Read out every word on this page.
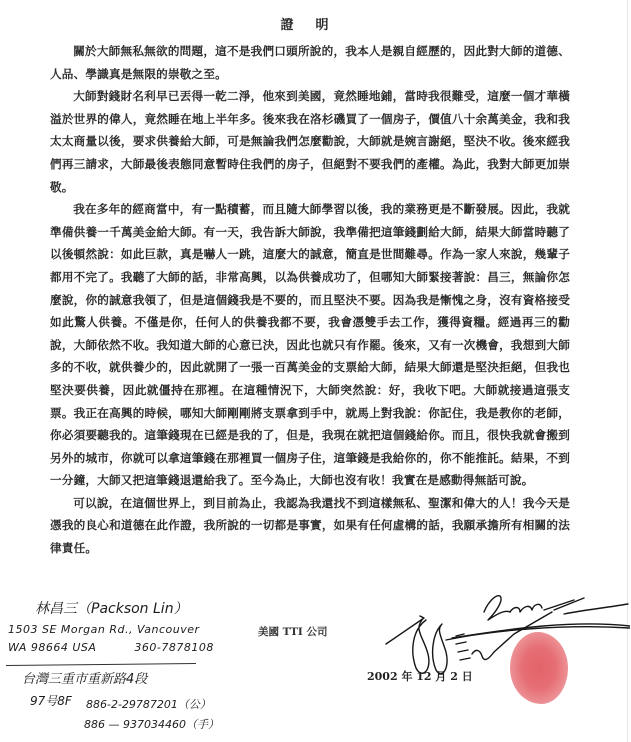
證明

關於大師無私無欲的問題，這不是我們口頭所說的，我本人是親自經歷的，因此對大師的道德、人品、學識真是無限的崇敬之至。

大師對錢財名利早已丟得一乾二淨，他來到美國，竟然睡地鋪，當時我很難受，這麼一個才華橫溢於世界的偉人，竟然睡在地上半年多。後來我在洛杉磯買了一個房子，價值八十余萬美金，我和我太太商量以後，要求供養給大師，可是無論我們怎麼勸說，大師就是婉言謝絕，堅決不收。後來經我們再三請求，大師最後表態同意暫時住我們的房子，但絕對不要我們的產權。為此，我對大師更加崇敬。

我在多年的經商當中，有一點積蓄，而且隨大師學習以後，我的業務更是不斷發展。因此，我就準備供養一千萬美金給大師。有一天，我告訴大師說，我準備把這筆錢劃給大師，結果大師當時聽了以後頓然說：如此巨款，真是嚇人一跳，這麼大的誠意，簡直是世間難尋。作為一家人來說，幾輩子都用不完了。我聽了大師的話，非常高興，以為供養成功了，但哪知大師緊接著說：昌三，無論你怎麼說，你的誠意我領了，但是這個錢我是不要的，而且堅決不要。因為我是慚愧之身，沒有資格接受如此驚人供養。不僅是你，任何人的供養我都不要，我會憑雙手去工作，獲得資糧。經過再三的勸說，大師依然不收。我知道大師的心意已決，因此也就只有作罷。後來，又有一次機會，我想到大師多的不收，就供養少的，因此就開了一張一百萬美金的支票給大師，結果大師還是堅決拒絕，但我也堅決要供養，因此就僵持在那裡。在這種情況下，大師突然說：好，我收下吧。大師就接過這張支票。我正在高興的時候，哪知大師剛剛將支票拿到手中，就馬上對我說：你記住，我是教你的老師，你必須要聽我的。這筆錢現在已經是我的了，但是，我現在就把這個錢給你。而且，很快我就會搬到另外的城市，你就可以拿這筆錢在那裡買一個房子住，這筆錢是我給你的，你不能推託。結果，不到一分鐘，大師又把這筆錢退還給我了。至今為止，大師也沒有收！我實在是感動得無話可說。

可以說，在這個世界上，到目前為止，我認為我還找不到這樣無私、聖潔和偉大的人！我今天是憑我的良心和道德在此作證，我所說的一切都是事實，如果有任何虛構的話，我願承擔所有相關的法律責任。

林昌三（Packson Lin）
1503 SE Morgan Rd., Vancouver
WA 98664 USA	360-7878108
台灣三重市重新路4段
97号8F 886-2-29787201（公）
886 — 937034460（手）
美國 TTI 公司
2002 年 12 月 2 日
